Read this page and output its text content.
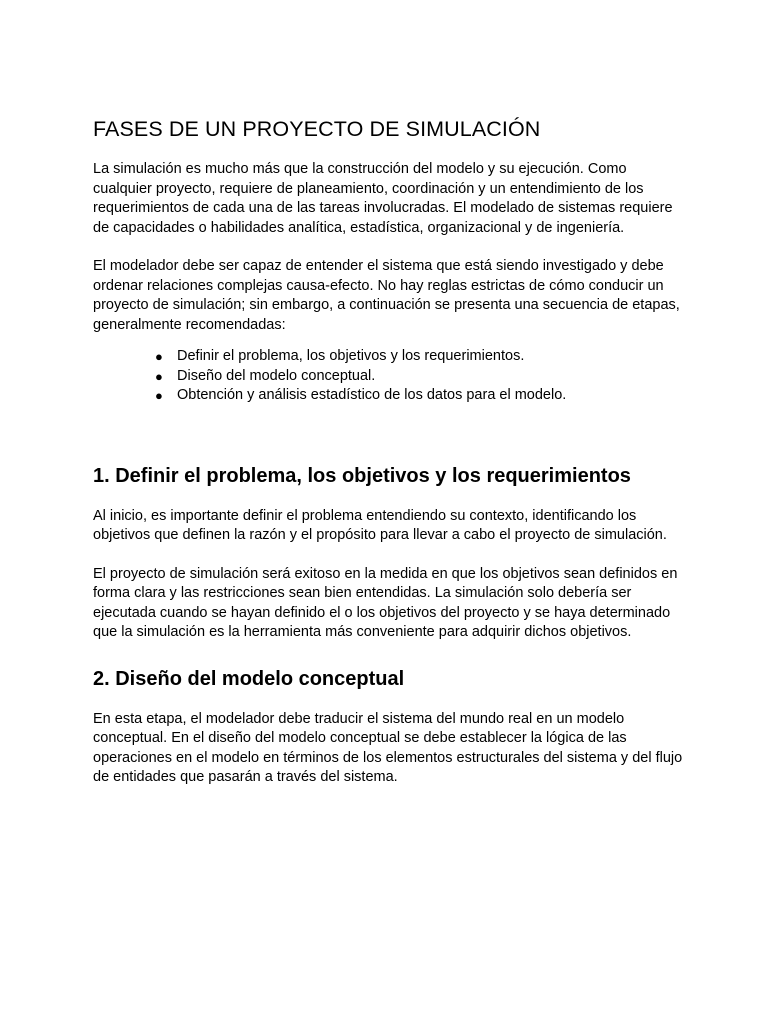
FASES DE UN PROYECTO DE SIMULACIÓN

La simulación es mucho más que la construcción del modelo y su ejecución. Como cualquier proyecto, requiere de planeamiento, coordinación y un entendimiento de los requerimientos de cada una de las tareas involucradas. El modelado de sistemas requiere de capacidades o habilidades analítica, estadística, organizacional y de ingeniería.

El modelador debe ser capaz de entender el sistema que está siendo investigado y debe ordenar relaciones complejas causa-efecto. No hay reglas estrictas de cómo conducir un proyecto de simulación; sin embargo, a continuación se presenta una secuencia de etapas, generalmente recomendadas:

● Definir el problema, los objetivos y los requerimientos.
● Diseño del modelo conceptual.
● Obtención y análisis estadístico de los datos para el modelo.
1. Definir el problema, los objetivos y los requerimientos

Al inicio, es importante definir el problema entendiendo su contexto, identificando los objetivos que definen la razón y el propósito para llevar a cabo el proyecto de simulación.

El proyecto de simulación será exitoso en la medida en que los objetivos sean definidos en forma clara y las restricciones sean bien entendidas. La simulación solo debería ser ejecutada cuando se hayan definido el o los objetivos del proyecto y se haya determinado que la simulación es la herramienta más conveniente para adquirir dichos objetivos.

2. Diseño del modelo conceptual

En esta etapa, el modelador debe traducir el sistema del mundo real en un modelo conceptual. En el diseño del modelo conceptual se debe establecer la lógica de las operaciones en el modelo en términos de los elementos estructurales del sistema y del flujo de entidades que pasarán a través del sistema.
